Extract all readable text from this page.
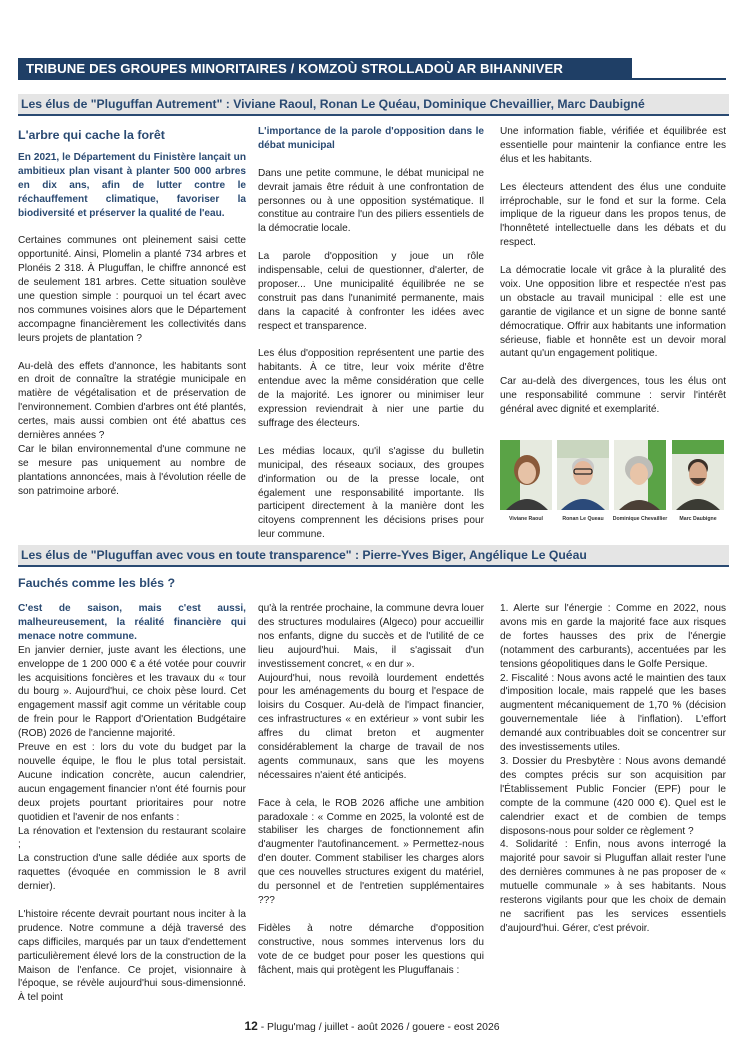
TRIBUNE DES GROUPES MINORITAIRES / KOMZOÙ STROLLADOÙ AR BIHANNIVER
Les élus de "Pluguffan Autrement" : Viviane Raoul, Ronan Le Quéau, Dominique Chevaillier, Marc Daubigné
L'arbre qui cache la forêt

En 2021, le Département du Finistère lançait un ambitieux plan visant à planter 500 000 arbres en dix ans, afin de lutter contre le réchauffement climatique, favoriser la biodiversité et préserver la qualité de l'eau.

Certaines communes ont pleinement saisi cette opportunité. Ainsi, Plomelin a planté 734 arbres et Plonéis 2 318. À Pluguffan, le chiffre annoncé est de seulement 181 arbres. Cette situation soulève une question simple : pourquoi un tel écart avec nos communes voisines alors que le Département accompagne financièrement les collectivités dans leurs projets de plantation ?

Au-delà des effets d'annonce, les habitants sont en droit de connaître la stratégie municipale en matière de végétalisation et de préservation de l'environnement. Combien d'arbres ont été plantés, certes, mais aussi combien ont été abattus ces dernières années ?

Car le bilan environnemental d'une commune ne se mesure pas uniquement au nombre de plantations annoncées, mais à l'évolution réelle de son patrimoine arboré.

L'importance de la parole d'opposition dans le débat municipal

Dans une petite commune, le débat municipal ne devrait jamais être réduit à une confrontation de personnes ou à une opposition systématique. Il constitue au contraire l'un des piliers essentiels de la démocratie locale.

La parole d'opposition y joue un rôle indispensable, celui de questionner, d'alerter, de proposer... Une municipalité équilibrée ne se construit pas dans l'unanimité permanente, mais dans la capacité à confronter les idées avec respect et transparence.

Les élus d'opposition représentent une partie des habitants. À ce titre, leur voix mérite d'être entendue avec la même considération que celle de la majorité. Les ignorer ou minimiser leur expression reviendrait à nier une partie du suffrage des électeurs.

Les médias locaux, qu'il s'agisse du bulletin municipal, des réseaux sociaux, des groupes d'information ou de la presse locale, ont également une responsabilité importante. Ils participent directement à la manière dont les citoyens comprennent les décisions prises pour leur commune.

Une information fiable, vérifiée et équilibrée est essentielle pour maintenir la confiance entre les élus et les habitants.

Les électeurs attendent des élus une conduite irréprochable, sur le fond et sur la forme. Cela implique de la rigueur dans les propos tenus, de l'honnêteté intellectuelle dans les débats et du respect.

La démocratie locale vit grâce à la pluralité des voix. Une opposition libre et respectée n'est pas un obstacle au travail municipal : elle est une garantie de vigilance et un signe de bonne santé démocratique. Offrir aux habitants une information sérieuse, fiable et honnête est un devoir moral autant qu'un engagement politique.

Car au-delà des divergences, tous les élus ont une responsabilité commune : servir l'intérêt général avec dignité et exemplarité.

Viviane Raoul	Ronan Le Queau	Dominique Chevaillier	Marc Daubigne
Les élus de "Pluguffan avec vous en toute transparence" : Pierre-Yves Biger, Angélique Le Quéau
Fauchés comme les blés ?

C'est de saison, mais c'est aussi, malheureusement, la réalité financière qui menace notre commune.

En janvier dernier, juste avant les élections, une enveloppe de 1 200 000 € a été votée pour couvrir les acquisitions foncières et les travaux du « tour du bourg ». Aujourd'hui, ce choix pèse lourd. Cet engagement massif agit comme un véritable coup de frein pour le Rapport d'Orientation Budgétaire (ROB) 2026 de l'ancienne majorité.

Preuve en est : lors du vote du budget par la nouvelle équipe, le flou le plus total persistait. Aucune indication concrète, aucun calendrier, aucun engagement financier n'ont été fournis pour deux projets pourtant prioritaires pour notre quotidien et l'avenir de nos enfants :

La rénovation et l'extension du restaurant scolaire ;

La construction d'une salle dédiée aux sports de raquettes (évoquée en commission le 8 avril dernier).

L'histoire récente devrait pourtant nous inciter à la prudence. Notre commune a déjà traversé des caps difficiles, marqués par un taux d'endettement particulièrement élevé lors de la construction de la Maison de l'enfance. Ce projet, visionnaire à l'époque, se révèle aujourd'hui sous-dimensionné. À tel point

qu'à la rentrée prochaine, la commune devra louer des structures modulaires (Algeco) pour accueillir nos enfants, digne du succès et de l'utilité de ce lieu aujourd'hui. Mais, il s'agissait d'un investissement concret, « en dur ».

Aujourd'hui, nous revoilà lourdement endettés pour les aménagements du bourg et l'espace de loisirs du Cosquer. Au-delà de l'impact financier, ces infrastructures « en extérieur » vont subir les affres du climat breton et augmenter considérablement la charge de travail de nos agents communaux, sans que les moyens nécessaires n'aient été anticipés.

Face à cela, le ROB 2026 affiche une ambition paradoxale : « Comme en 2025, la volonté est de stabiliser les charges de fonctionnement afin d'augmenter l'autofinancement. » Permettez-nous d'en douter. Comment stabiliser les charges alors que ces nouvelles structures exigent du matériel, du personnel et de l'entretien supplémentaires ???

Fidèles à notre démarche d'opposition constructive, nous sommes intervenus lors du vote de ce budget pour poser les questions qui fâchent, mais qui protègent les Pluguffanais :

1. Alerte sur l'énergie : Comme en 2022, nous avons mis en garde la majorité face aux risques de fortes hausses des prix de l'énergie (notamment des carburants), accentuées par les tensions géopolitiques dans le Golfe Persique.

2. Fiscalité : Nous avons acté le maintien des taux d'imposition locale, mais rappelé que les bases augmentent mécaniquement de 1,70 % (décision gouvernementale liée à l'inflation). L'effort demandé aux contribuables doit se concentrer sur des investissements utiles.

3. Dossier du Presbytère : Nous avons demandé des comptes précis sur son acquisition par l'Établissement Public Foncier (EPF) pour le compte de la commune (420 000 €). Quel est le calendrier exact et de combien de temps disposons-nous pour solder ce règlement ?

4. Solidarité : Enfin, nous avons interrogé la majorité pour savoir si Pluguffan allait rester l'une des dernières communes à ne pas proposer de « mutuelle communale » à ses habitants. Nous resterons vigilants pour que les choix de demain ne sacrifient pas les services essentiels d'aujourd'hui. Gérer, c'est prévoir.

12 - Plugu'mag / juillet - août 2026 / gouere - eost 2026
